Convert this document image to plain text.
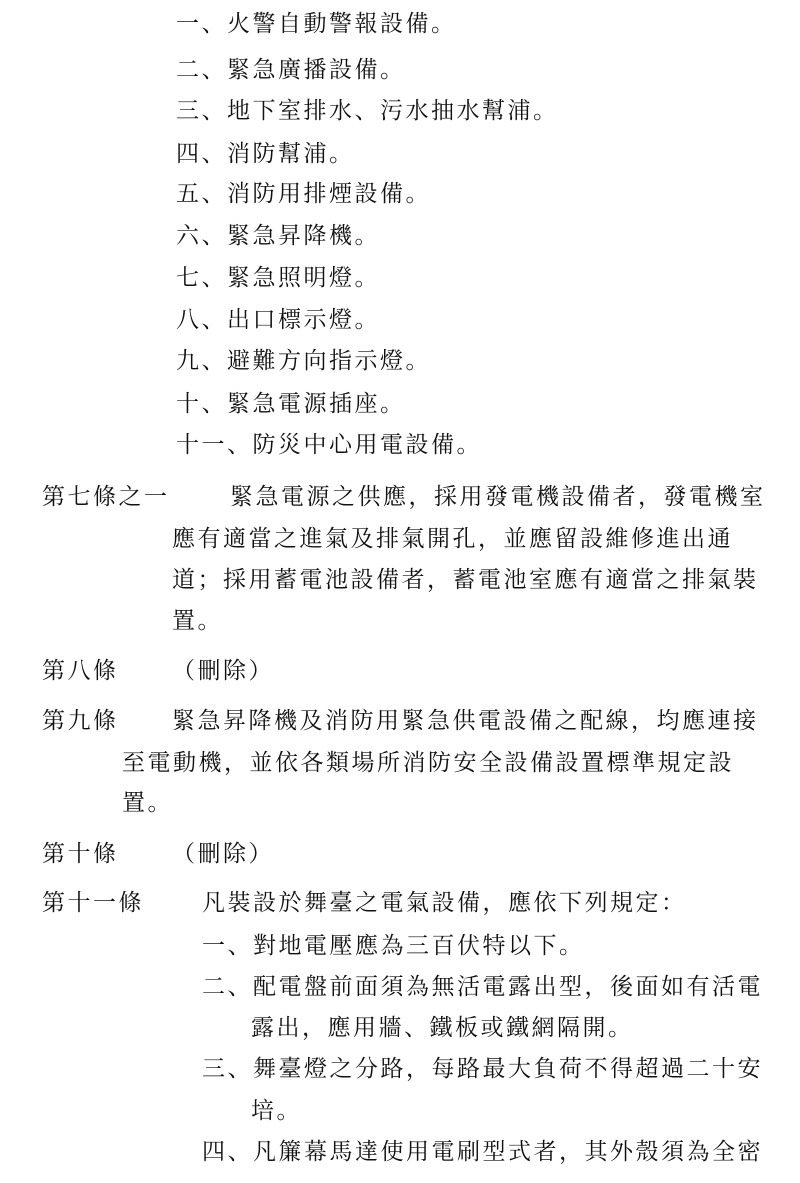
一、火警自動警報設備。
二、緊急廣播設備。
三、地下室排水、污水抽水幫浦。
四、消防幫浦。
五、消防用排煙設備。
六、緊急昇降機。
七、緊急照明燈。
八、出口標示燈。
九、避難方向指示燈。
十、緊急電源插座。
十一、防災中心用電設備。
第七條之一	緊急電源之供應，採用發電機設備者，發電機室
應有適當之進氣及排氣開孔，並應留設維修進出通
道；採用蓄電池設備者，蓄電池室應有適當之排氣裝
置。
第八條 （刪除）
第九條 緊急昇降機及消防用緊急供電設備之配線，均應連接
至電動機，並依各類場所消防安全設備設置標準規定設
置。
第十條 （刪除）
第十一條	凡裝設於舞臺之電氣設備，應依下列規定：
一、對地電壓應為三百伏特以下。
二、配電盤前面須為無活電露出型，後面如有活電
露出，應用牆、鐵板或鐵網隔開。
三、舞臺燈之分路，每路最大負荷不得超過二十安
培。
四、凡簾幕馬達使用電刷型式者，其外殼須為全密
